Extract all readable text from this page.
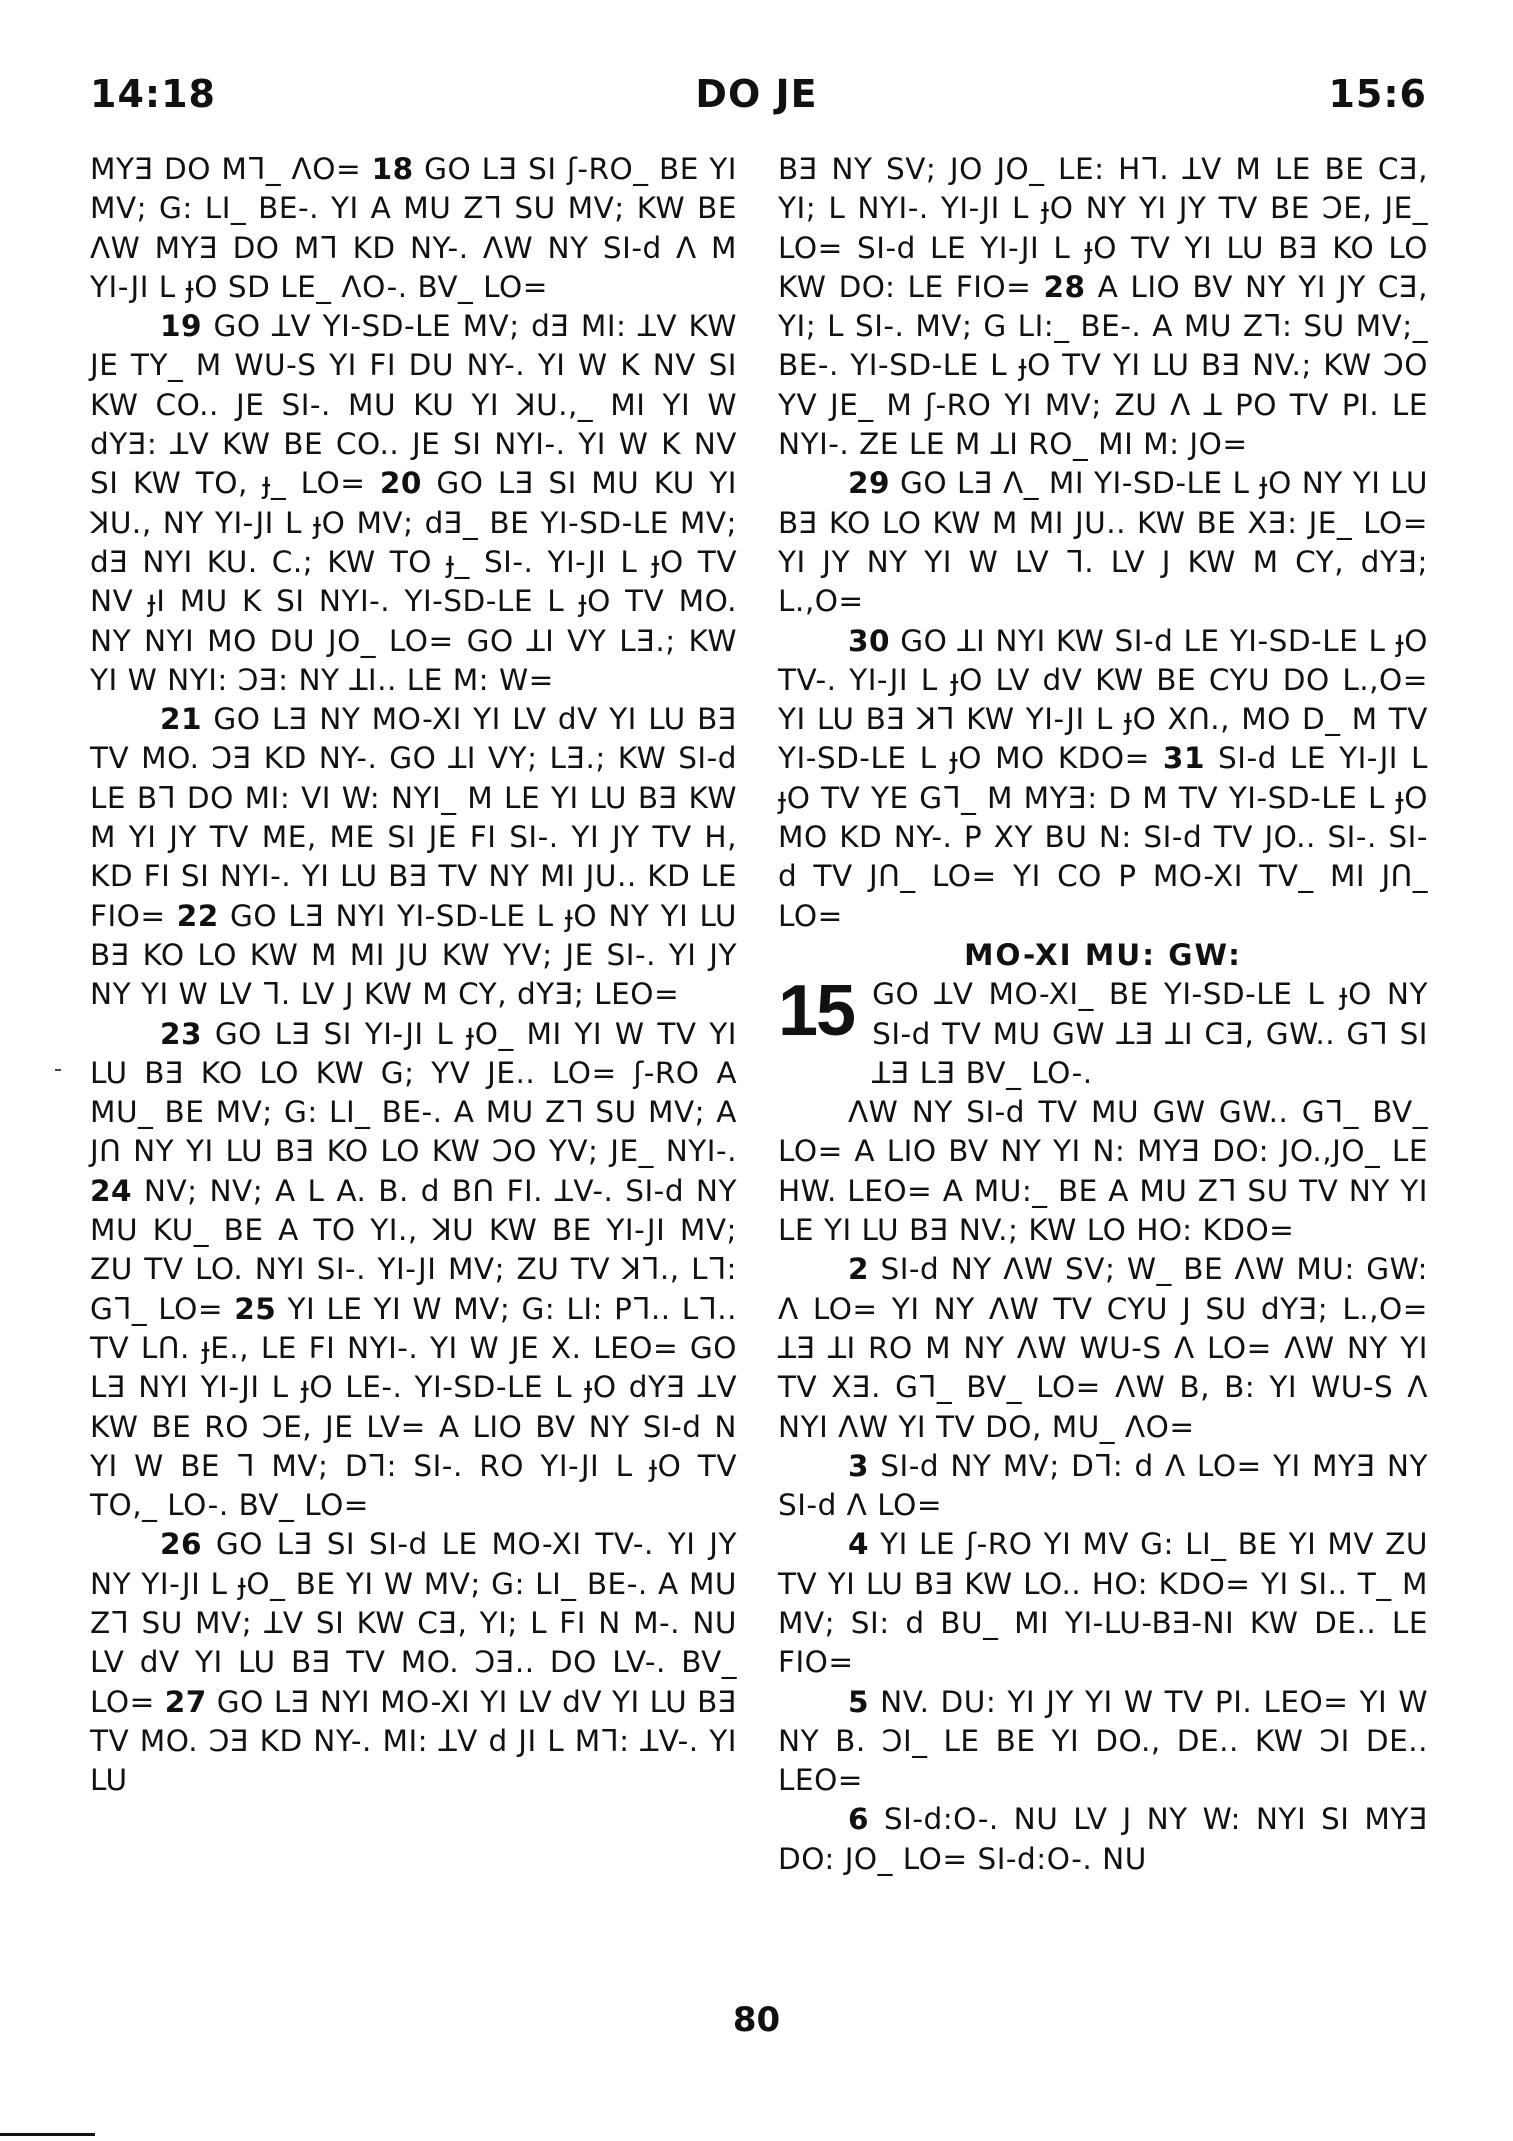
14:18	DO JE	15:6

MYƎ DO Mᒣ_ ɅO= 18 GO LƎ SI ʃ-RO_ BE YI MV; G: LI_ BE-. YI A MU Zᒣ SU MV; KW BE ɅW MYƎ DO Mᒣ KD NY-. ɅW NY SI-d Ʌ M YI-JI L ɟO SD LE_ ɅO-. BV_ LO=

19 GO ꓕV YI-SD-LE MV; dƎ MI: ꓕV KW JE TY_ M WU-S YI FI DU NY-. YI W K NV SI KW CO.. JE SI-. MU KU YI ꓘU.,_ MI YI W dYƎ: ꓕV KW BE CO.. JE SI NYI-. YI W K NV SI KW TO, ɟ_ LO= 20 GO LƎ SI MU KU YI ꓘU., NY YI-JI L ɟO MV; dƎ_ BE YI-SD-LE MV; dƎ NYI KU. C.; KW TO ɟ_ SI-. YI-JI L ɟO TV NV ɟI MU K SI NYI-. YI-SD-LE L ɟO TV MO. NY NYI MO DU JO_ LO= GO ꓕI VY LƎ.; KW YI W NYI: ƆƎ: NY ꓕI.. LE M: W=

21 GO LƎ NY MO-XI YI LV dV YI LU BƎ TV MO. ƆƎ KD NY-. GO ꓕI VY; LƎ.; KW SI-d LE Bᒣ DO MI: VI W: NYI_ M LE YI LU BƎ KW M YI JY TV ME, ME SI JE FI SI-. YI JY TV H, KD FI SI NYI-. YI LU BƎ TV NY MI JU.. KD LE FIO= 22 GO LƎ NYI YI-SD-LE L ɟO NY YI LU BƎ KO LO KW M MI JU KW YV; JE SI-. YI JY NY YI W LV ᒣ. LV J KW M CY, dYƎ; LEO=

23 GO LƎ SI YI-JI L ɟO_ MI YI W TV YI LU BƎ KO LO KW G; YV JE.. LO= ʃ-RO A MU_ BE MV; G: LI_ BE-. A MU Zᒣ SU MV; A JՈ NY YI LU BƎ KO LO KW ƆO YV; JE_ NYI-. 24 NV; NV; A L A. B. d BՈ FI. ꓕV-. SI-d NY MU KU_ BE A TO YI., ꓘU KW BE YI-JI MV; ZU TV LO. NYI SI-. YI-JI MV; ZU TV ꓘᒣ., Lᒣ: Gᒣ_ LO= 25 YI LE YI W MV; G: LI: Pᒣ.. Lᒣ.. TV LՈ. ɟE., LE FI NYI-. YI W JE X. LEO= GO LƎ NYI YI-JI L ɟO LE-. YI-SD-LE L ɟO dYƎ ꓕV KW BE RO ƆE, JE LV= A LIO BV NY SI-d N YI W BE ᒣ MV; Dᒣ: SI-. RO YI-JI L ɟO TV TO,_ LO-. BV_ LO=

26 GO LƎ SI SI-d LE MO-XI TV-. YI JY NY YI-JI L ɟO_ BE YI W MV; G: LI_ BE-. A MU Zᒣ SU MV; ꓕV SI KW CƎ, YI; L FI N M-. NU LV dV YI LU BƎ TV MO. ƆƎ.. DO LV-. BV_ LO= 27 GO LƎ NYI MO-XI YI LV dV YI LU BƎ TV MO. ƆƎ KD NY-. MI: ꓕV d JI L Mᒣ: ꓕV-. YI LU

BƎ NY SV; JO JO_ LE: Hᒣ. ꓕV M LE BE CƎ, YI; L NYI-. YI-JI L ɟO NY YI JY TV BE ƆE, JE_ LO= SI-d LE YI-JI L ɟO TV YI LU BƎ KO LO KW DO: LE FIO= 28 A LIO BV NY YI JY CƎ, YI; L SI-. MV; G LI:_ BE-. A MU Zᒣ: SU MV;_ BE-. YI-SD-LE L ɟO TV YI LU BƎ NV.; KW ƆO YV JE_ M ʃ-RO YI MV; ZU Ʌ ꓕ PO TV PI. LE NYI-. ZE LE M ꓕI RO_ MI M: JO=

29 GO LƎ Ʌ_ MI YI-SD-LE L ɟO NY YI LU BƎ KO LO KW M MI JU.. KW BE XƎ: JE_ LO= YI JY NY YI W LV ᒣ. LV J KW M CY, dYƎ; L.,O=

30 GO ꓕI NYI KW SI-d LE YI-SD-LE L ɟO TV-. YI-JI L ɟO LV dV KW BE CYU DO L.,O= YI LU BƎ ꓘᒣ KW YI-JI L ɟO XՈ., MO D_ M TV YI-SD-LE L ɟO MO KDO= 31 SI-d LE YI-JI L ɟO TV YE Gᒣ_ M MYƎ: D M TV YI-SD-LE L ɟO MO KD NY-. P XY BU N: SI-d TV JO.. SI-. SI-d TV JՈ_ LO= YI CO P MO-XI TV_ MI JՈ_ LO=

MO-XI MU: GW:

15 GO ꓕV MO-XI_ BE YI-SD-LE L ɟO NY SI-d TV MU GW ꓕƎ ꓕI CƎ, GW.. Gᒣ SI ꓕƎ LƎ BV_ LO-.

ɅW NY SI-d TV MU GW GW.. Gᒣ_ BV_ LO= A LIO BV NY YI N: MYƎ DO: JO.,JO_ LE HW. LEO= A MU:_ BE A MU Zᒣ SU TV NY YI LE YI LU BƎ NV.; KW LO HO: KDO=

2 SI-d NY ɅW SV; W_ BE ɅW MU: GW: Ʌ LO= YI NY ɅW TV CYU J SU dYƎ; L.,O= ꓕƎ ꓕI RO M NY ɅW WU-S Ʌ LO= ɅW NY YI TV XƎ. Gᒣ_ BV_ LO= ɅW B, B: YI WU-S Ʌ NYI ɅW YI TV DO, MU_ ɅO=

3 SI-d NY MV; Dᒣ: d Ʌ LO= YI MYƎ NY SI-d Ʌ LO=

4 YI LE ʃ-RO YI MV G: LI_ BE YI MV ZU TV YI LU BƎ KW LO.. HO: KDO= YI SI.. T_ M MV; SI: d BU_ MI YI-LU-BƎ-NI KW DE.. LE FIO=

5 NV. DU: YI JY YI W TV PI. LEO= YI W NY B. ƆI_ LE BE YI DO., DE.. KW ƆI DE.. LEO=

6 SI-d:O-. NU LV J NY W: NYI SI MYƎ DO: JO_ LO= SI-d:O-. NU

80
